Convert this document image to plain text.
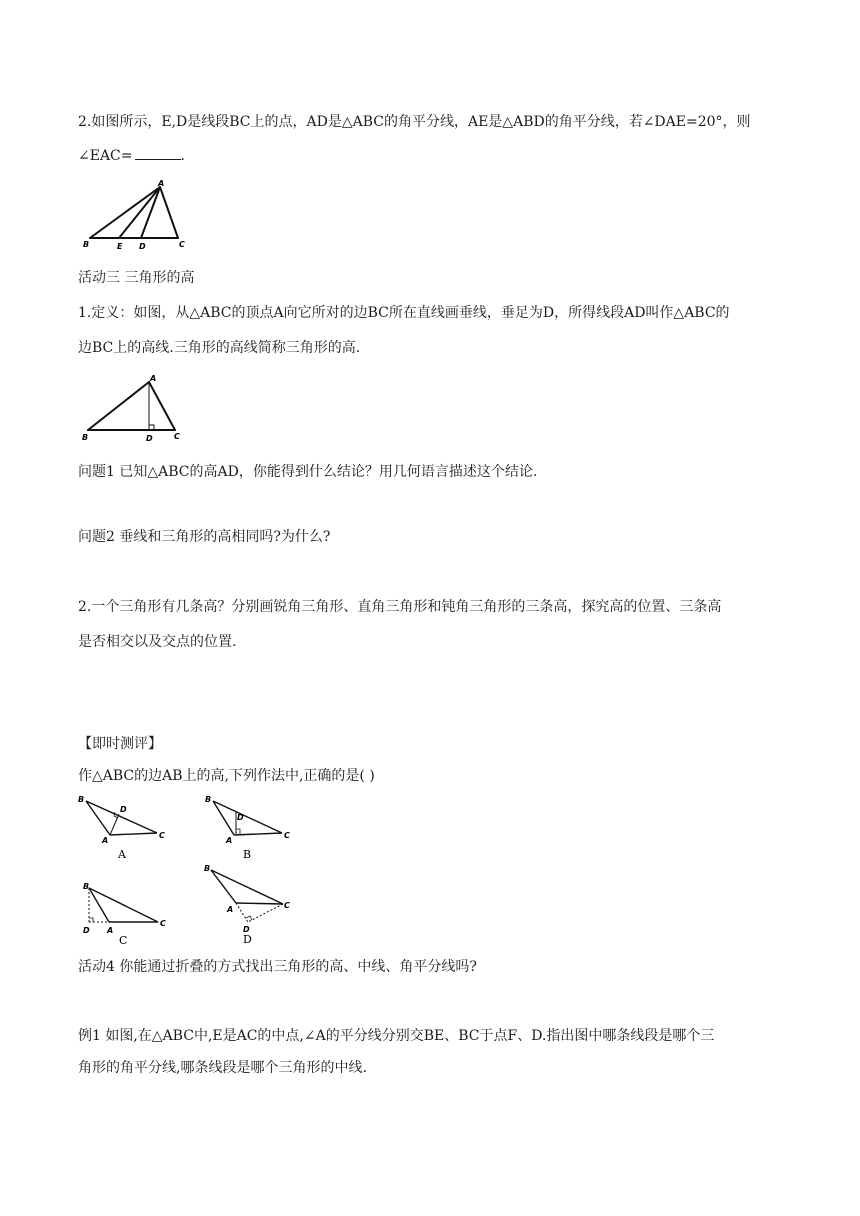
2.如图所示，E,D是线段BC上的点，AD是△ABC的角平分线，AE是△ABD的角平分线，若∠DAE=20°，则
∠EAC=	.
A
B	E D	C
活动三 三角形的高
1.定义：如图，从△ABC的顶点A向它所对的边BC所在直线画垂线，垂足为D，所得线段AD叫作△ABC的
边BC上的高线.三角形的高线简称三角形的高.
A
B	D	C
问题1 已知△ABC的高AD，你能得到什么结论？用几何语言描述这个结论.
问题2 垂线和三角形的高相同吗?为什么?
2.一个三角形有几条高？分别画锐角三角形、直角三角形和钝角三角形的三条高，探究高的位置、三条高
是否相交以及交点的位置.
【即时测评】
作△ABC的边AB上的高,下列作法中,正确的是( )
B
D
A
C
A
B
D
A
C
B
B
D A
C
C
B
A	C
D
D
活动4 你能通过折叠的方式找出三角形的高、中线、角平分线吗?
例1 如图,在△ABC中,E是AC的中点,∠A的平分线分别交BE、BC于点F、D.指出图中哪条线段是哪个三
角形的角平分线,哪条线段是哪个三角形的中线.
